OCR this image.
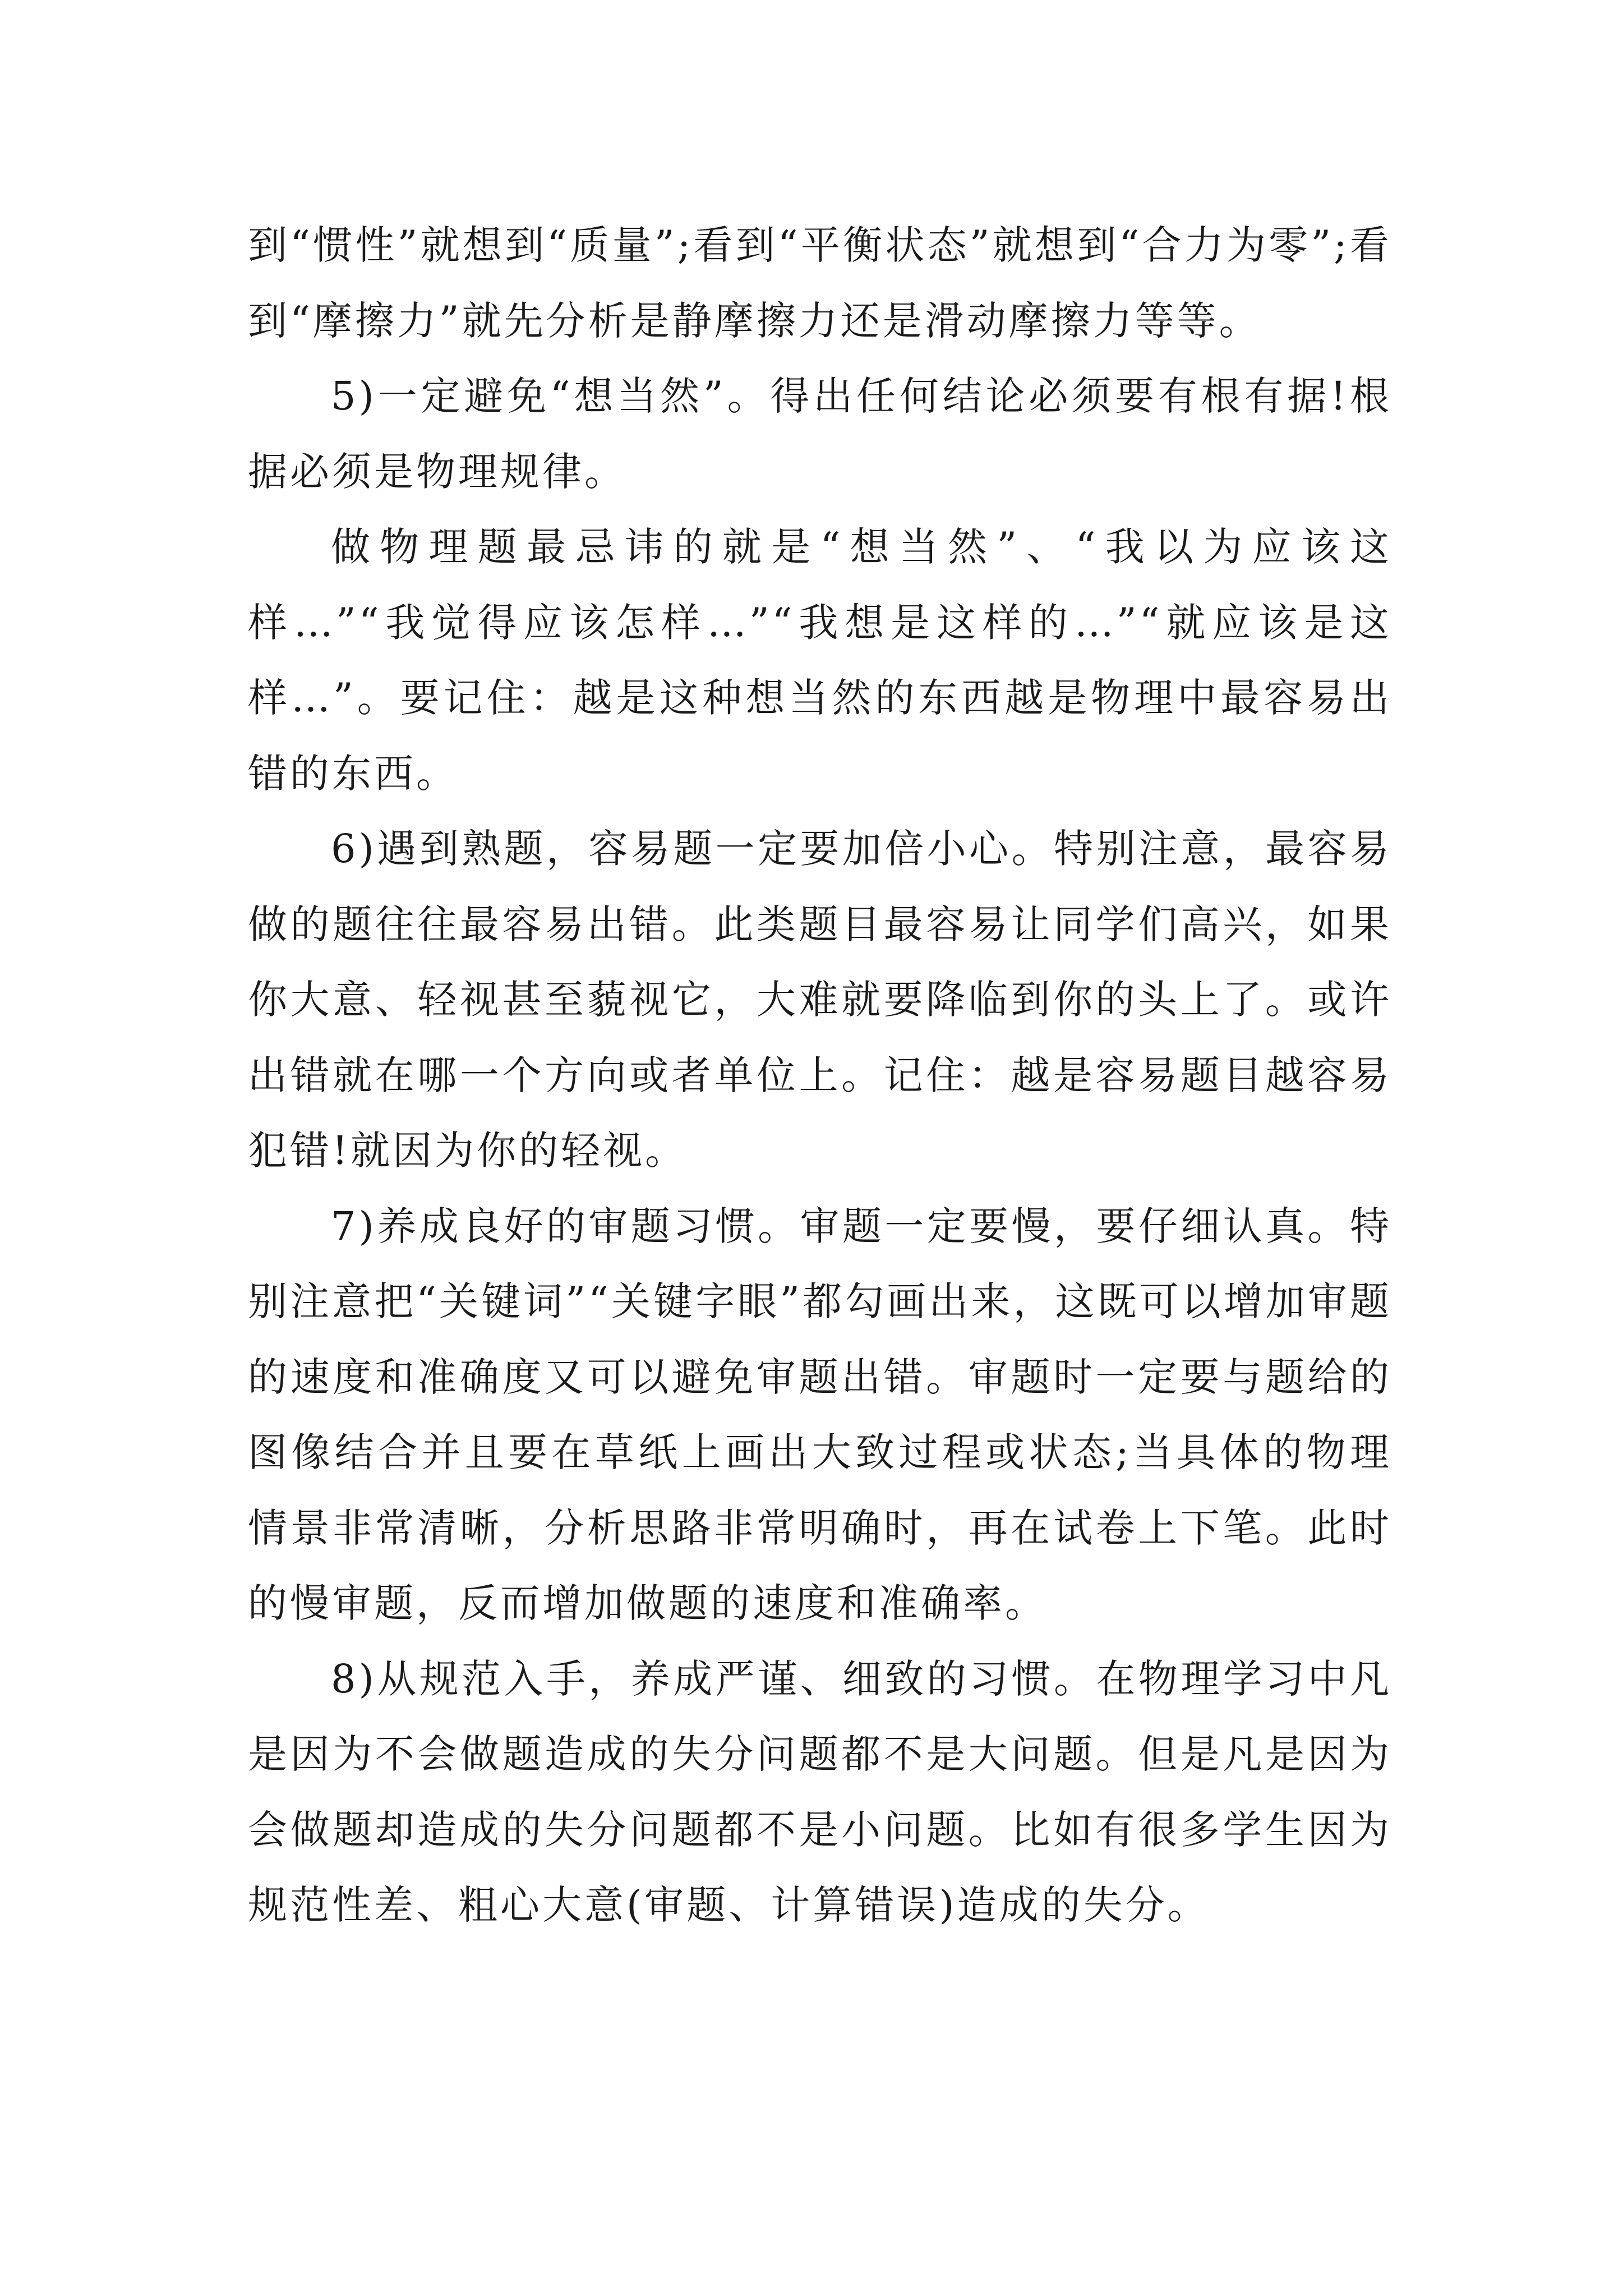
到“惯性”就想到“质量”;看到“平衡状态”就想到“合力为零”;看到“摩擦力”就先分析是静摩擦力还是滑动摩擦力等等。

5)一定避免“想当然”。得出任何结论必须要有根有据!根据必须是物理规律。

做物理题最忌讳的就是“想当然”、“我以为应该这样…”“我觉得应该怎样…”“我想是这样的…”“就应该是这样…”。要记住：越是这种想当然的东西越是物理中最容易出错的东西。

6)遇到熟题，容易题一定要加倍小心。特别注意，最容易做的题往往最容易出错。此类题目最容易让同学们高兴，如果你大意、轻视甚至藐视它，大难就要降临到你的头上了。或许出错就在哪一个方向或者单位上。记住：越是容易题目越容易犯错!就因为你的轻视。

7)养成良好的审题习惯。审题一定要慢，要仔细认真。特别注意把“关键词”“关键字眼”都勾画出来，这既可以增加审题的速度和准确度又可以避免审题出错。审题时一定要与题给的图像结合并且要在草纸上画出大致过程或状态;当具体的物理情景非常清晰，分析思路非常明确时，再在试卷上下笔。此时的慢审题，反而增加做题的速度和准确率。

8)从规范入手，养成严谨、细致的习惯。在物理学习中凡是因为不会做题造成的失分问题都不是大问题。但是凡是因为会做题却造成的失分问题都不是小问题。比如有很多学生因为规范性差、粗心大意(审题、计算错误)造成的失分。
